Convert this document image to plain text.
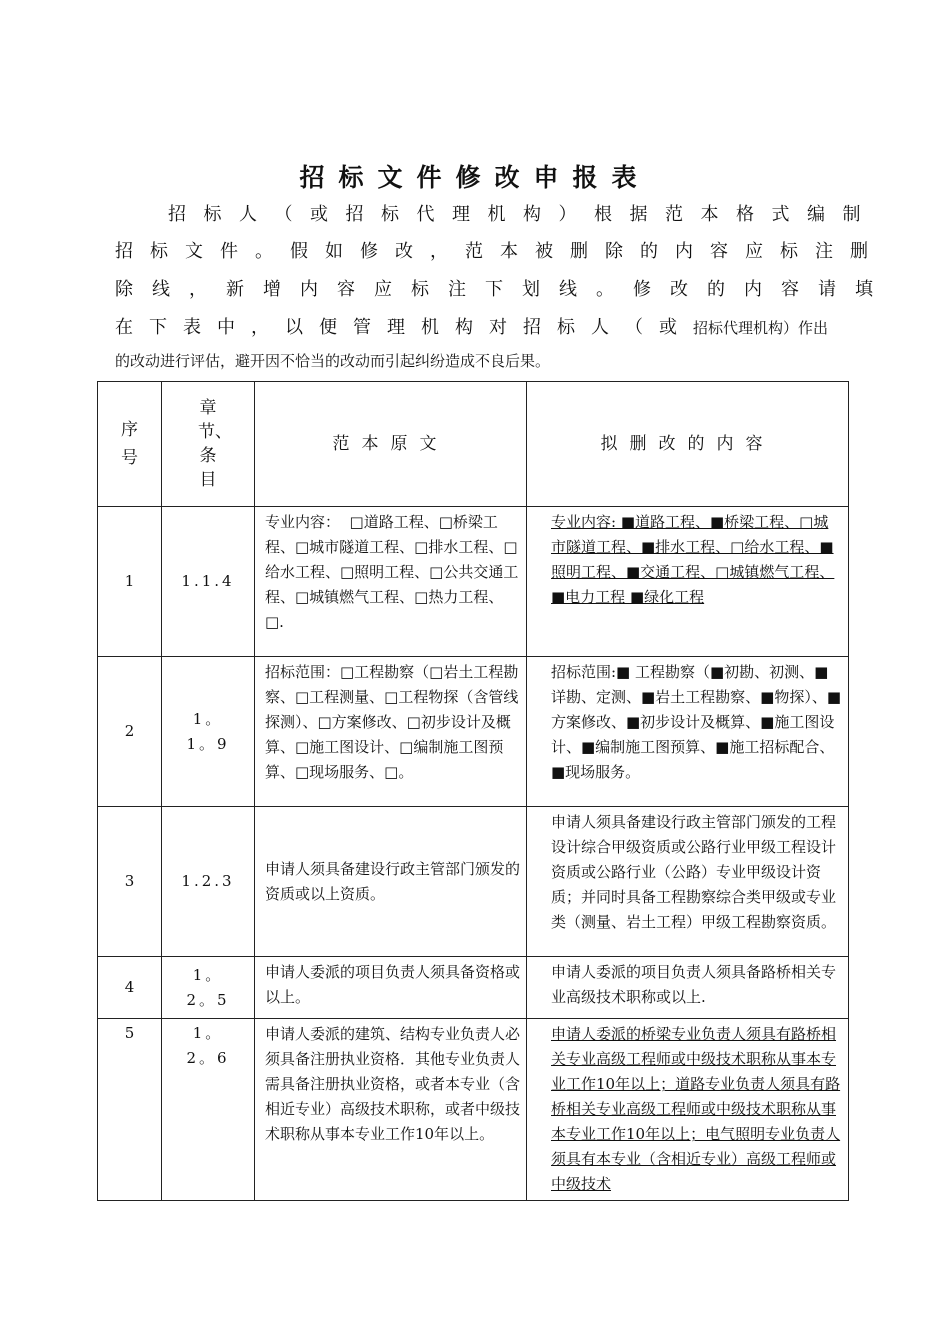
招标文件修改申报表
招标人（或招标代理机构）根据范本格式编制
招标文件。假如修改，范本被删除的内容应标注删
除线，新增内容应标注下划线。修改的内容请填
在下表中，以便管理机构对招标人（或招标代理机构）作出
的改动进行评估，避开因不恰当的改动而引起纠纷造成不良后果。
序号	章节、条目	范本原文	拟删改的内容
1	1.1.4	专业内容：  □道路工程、□桥梁工程、□城市隧道工程、□排水工程、□给水工程、□照明工程、□公共交通工程、□城镇燃气工程、□热力工程、□.	专业内容: ■道路工程、■桥梁工程、□城市隧道工程、■排水工程、□给水工程、■照明工程、■交通工程、□城镇燃气工程、■电力工程 ■绿化工程

2	1。1。9	招标范围：□工程勘察（□岩土工程勘察、□工程测量、□工程物探（含管线探测）、□方案修改、□初步设计及概算、□施工图设计、□编制施工图预算、□现场服务、□。	招标范围:■ 工程勘察（■初勘、初测、■详勘、定测、■岩土工程勘察、■物探）、■方案修改、■初步设计及概算、■施工图设计、■编制施工图预算、■施工招标配合、■现场服务。

3	1.2.3	申请人须具备建设行政主管部门颁发的资质或以上资质。	申请人须具备建设行政主管部门颁发的工程设计综合甲级资质或公路行业甲级工程设计资质或公路行业（公路）专业甲级设计资质；并同时具备工程勘察综合类甲级或专业类（测量、岩土工程）甲级工程勘察资质。

4	1。2。5	申请人委派的项目负责人须具备资格或以上。	申请人委派的项目负责人须具备路桥相关专业高级技术职称或以上.

5	1。2。6	申请人委派的建筑、结构专业负责人必须具备注册执业资格．其他专业负责人需具备注册执业资格，或者本专业（含相近专业）高级技术职称，或者中级技术职称从事本专业工作10年以上。	申请人委派的桥梁专业负责人须具有路桥相关专业高级工程师或中级技术职称从事本专业工作10年以上；道路专业负责人须具有路桥相关专业高级工程师或中级技术职称从事本专业工作10年以上；电气照明专业负责人须具有本专业（含相近专业）高级工程师或中级技术
